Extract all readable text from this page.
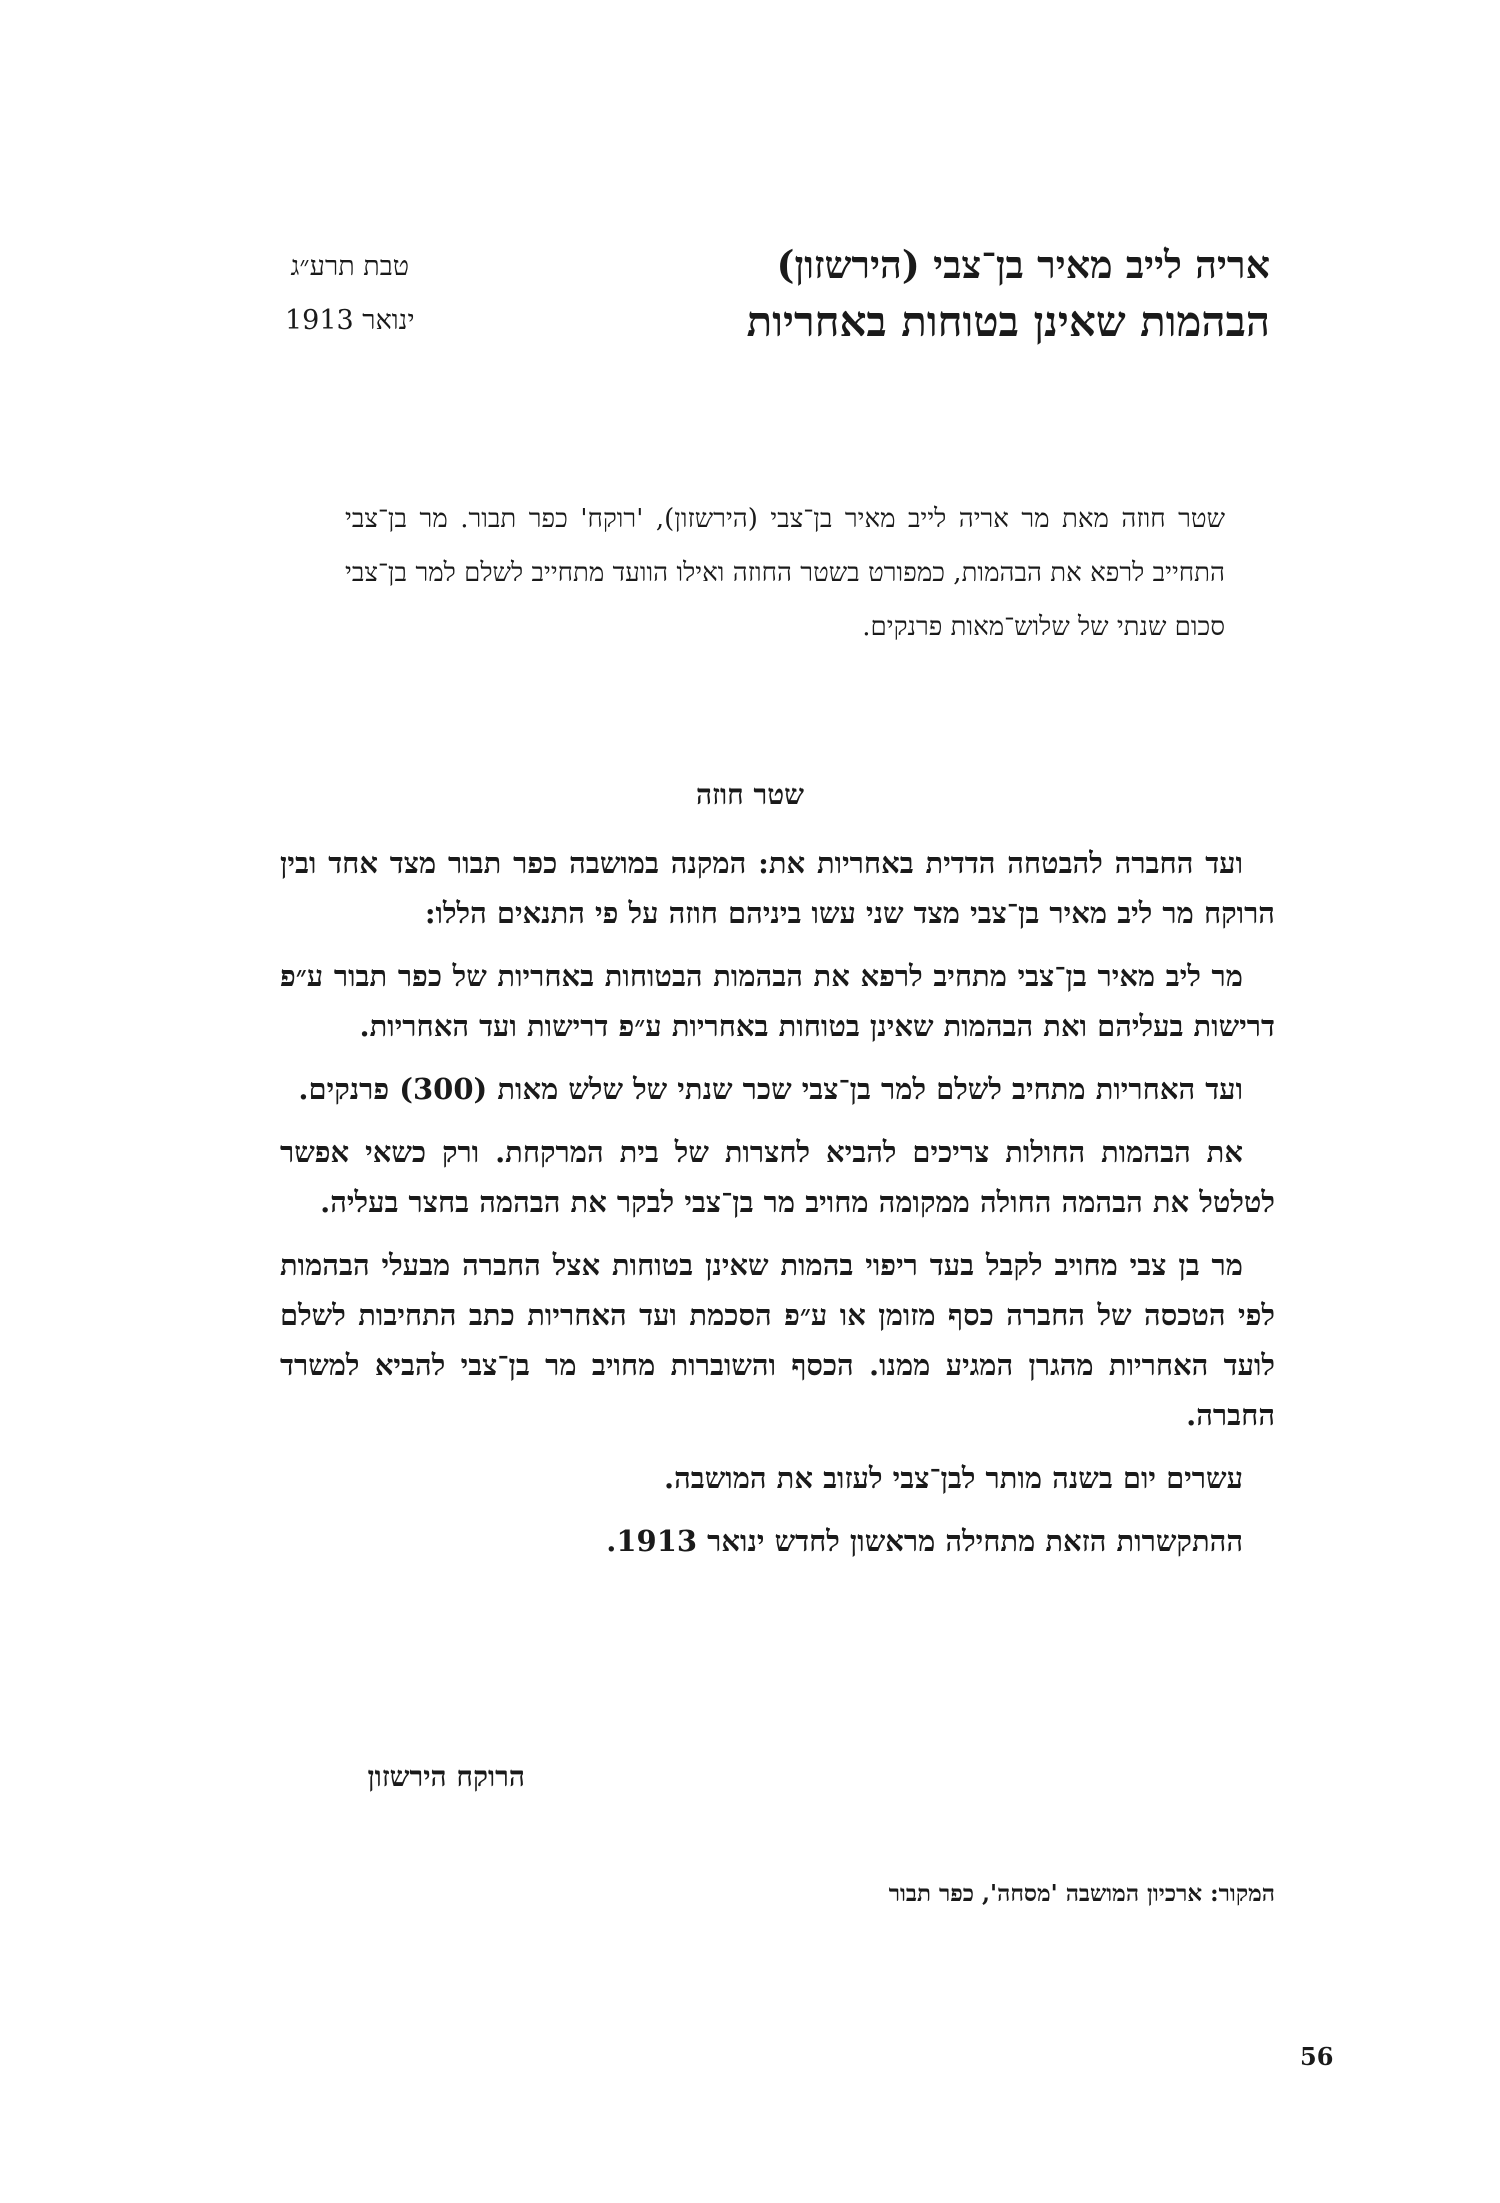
אריה לייב מאיר בן־צבי (הירשזון)
הבהמות שאינן בטוחות באחריות
טבת תרע״ג
ינואר 1913
שטר חוזה מאת מר אריה לייב מאיר בן־צבי (הירשזון), 'רוקח' כפר תבור. מר בן־צבי התחייב לרפא את הבהמות, כמפורט בשטר החוזה ואילו הוועד מתחייב לשלם למר בן־צבי סכום שנתי של שלוש־מאות פרנקים.
שטר חוזה

ועד החברה להבטחה הדדית באחריות את: המקנה במושבה כפר תבור מצד אחד ובין הרוקח מר ליב מאיר בן־צבי מצד שני עשו ביניהם חוזה על פי התנאים הללו:

מר ליב מאיר בן־צבי מתחיב לרפא את הבהמות הבטוחות באחריות של כפר תבור ע״פ דרישות בעליהם ואת הבהמות שאינן בטוחות באחריות ע״פ דרישות ועד האחריות.

ועד האחריות מתחיב לשלם למר בן־צבי שכר שנתי של שלש מאות (300) פרנקים.

את הבהמות החולות צריכים להביא לחצרות של בית המרקחת. ורק כשאי אפשר לטלטל את הבהמה החולה ממקומה מחויב מר בן־צבי לבקר את הבהמה בחצר בעליה.

מר בן צבי מחויב לקבל בעד ריפוי בהמות שאינן בטוחות אצל החברה מבעלי הבהמות לפי הטכסה של החברה כסף מזומן או ע״פ הסכמת ועד האחריות כתב התחיבות לשלם לועד האחריות מהגרן המגיע ממנו. הכסף והשוברות מחויב מר בן־צבי להביא למשרד החברה.

עשרים יום בשנה מותר לבן־צבי לעזוב את המושבה.

ההתקשרות הזאת מתחילה מראשון לחדש ינואר 1913.

הרוקח הירשזון
המקור: ארכיון המושבה 'מסחה', כפר תבור
56
